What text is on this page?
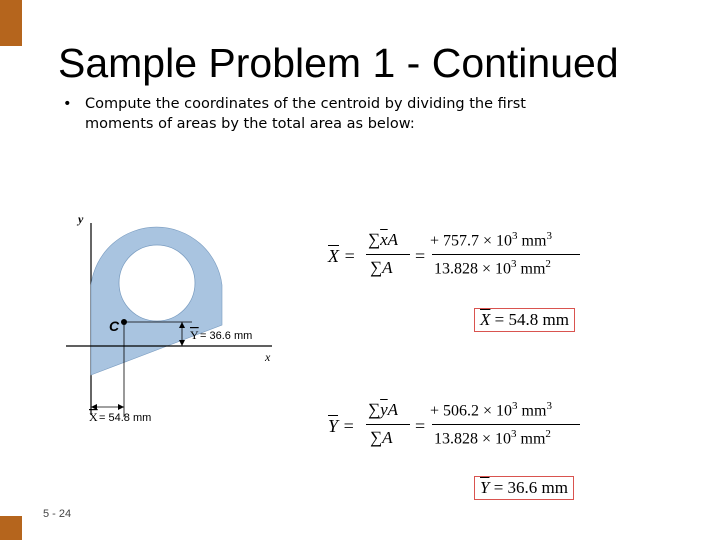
Sample Problem 1 - Continued
• Compute the coordinates of the centroid by dividing the first moments of areas by the total area as below:
y
x
C
Y = 36.6 mm
X = 54.8 mm
$\overline{X}$ =
$\sum\overline{x}A$
∑A
=
+ $757.7 \times 10^3$ $mm^3$
$13.828 \times 10^3$ $mm^2$
$\overline{X} = 54.8$ mm
$\overline{Y}$ =
$\sum\overline{y}A$
∑A
=
+ $506.2 \times 10^3$ $mm^3$
$13.828 \times 10^3$ $mm^2$
$\overline{Y} = 36.6$ mm
5 - 24
